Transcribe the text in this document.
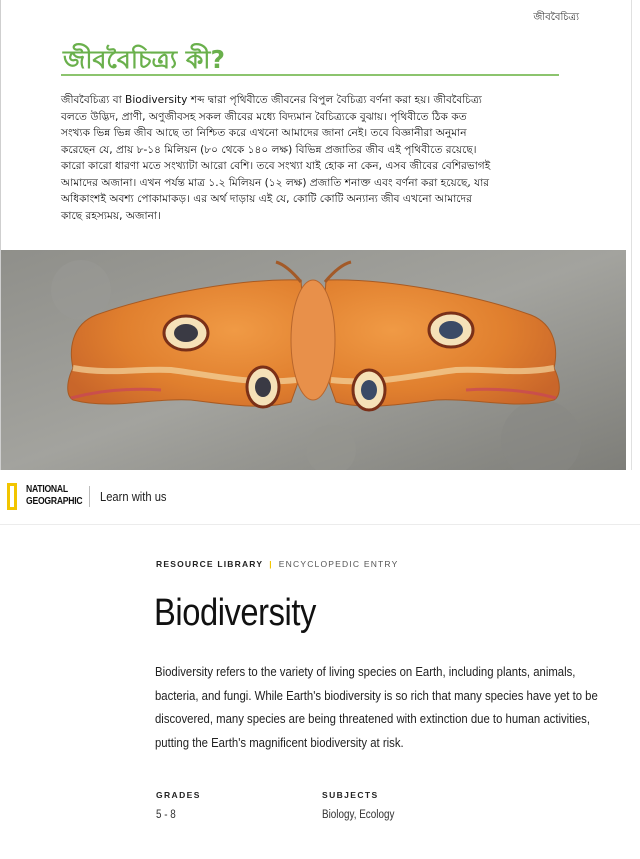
জীববৈচিত্র্য
জীববৈচিত্র্য কী?
জীববৈচিত্র্য বা Biodiversity শব্দ দ্বারা পৃথিবীতে জীবনের বিপুল বৈচিত্র্য বর্ণনা করা হয়। জীববৈচিত্র্য
বলতে উদ্ভিদ, প্রাণী, অণুজীবসহ সকল জীবের মধ্যে বিদ্যমান বৈচিত্র্যকে বুঝায়। পৃথিবীতে ঠিক কত
সংখ্যক ভিন্ন ভিন্ন জীব আছে তা নিশ্চিত করে এখনো আমাদের জানা নেই। তবে বিজ্ঞানীরা অনুমান
করেছেন যে, প্রায় ৮-১৪ মিলিয়ন (৮০ থেকে ১৪০ লক্ষ) বিভিন্ন প্রজাতির জীব এই পৃথিবীতে রয়েছে।
কারো কারো ধারণা মতে সংখ্যাটা আরো বেশি। তবে সংখ্যা যাই হোক না কেন, এসব জীবের বেশিরভাগই
আমাদের অজানা। এখন পর্যন্ত মাত্র ১.২ মিলিয়ন (১২ লক্ষ) প্রজাতি শনাক্ত এবং বর্ণনা করা হয়েছে, যার
অধিকাংশই অবশ্য পোকামাকড়। এর অর্থ দাড়ায় এই যে, কোটি কোটি অন্যান্য জীব এখনো আমাদের
কাছে রহস্যময়, অজানা।
NATIONAL
GEOGRAPHIC Learn with us
RESOURCE LIBRARY | ENCYCLOPEDIC ENTRY
Biodiversity
Biodiversity refers to the variety of living species on Earth, including plants, animals,
bacteria, and fungi. While Earth's biodiversity is so rich that many species have yet to be
discovered, many species are being threatened with extinction due to human activities,
putting the Earth's magnificent biodiversity at risk.
GRADES
5 - 8
SUBJECTS
Biology, Ecology
